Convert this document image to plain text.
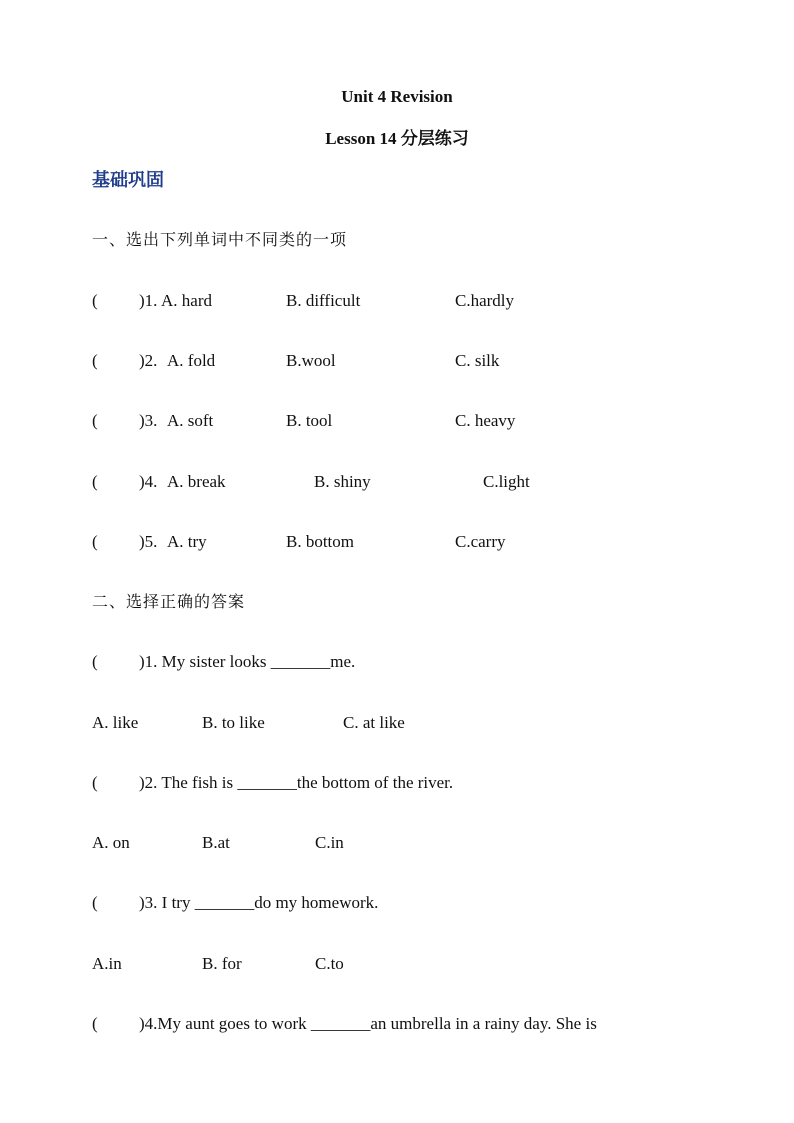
Unit 4 Revision
Lesson 14 分层练习
基础巩固
一、选出下列单词中不同类的一项
( )1. A. hard	B. difficult	C.hardly
( )2. A. fold	B.wool	C. silk
( )3. A. soft	B. tool	C. heavy
( )4. A. break	B. shiny	C.light
( )5. A. try	B. bottom	C.carry
二、选择正确的答案
( )1. My sister looks _______me.
A. like	B. to like	C. at like
( )2. The fish is _______the bottom of the river.
A. on	B.at	C.in
( )3. I try _______do my homework.
A.in	B. for	C.to
( )4.My aunt goes to work _______an umbrella in a rainy day. She is
